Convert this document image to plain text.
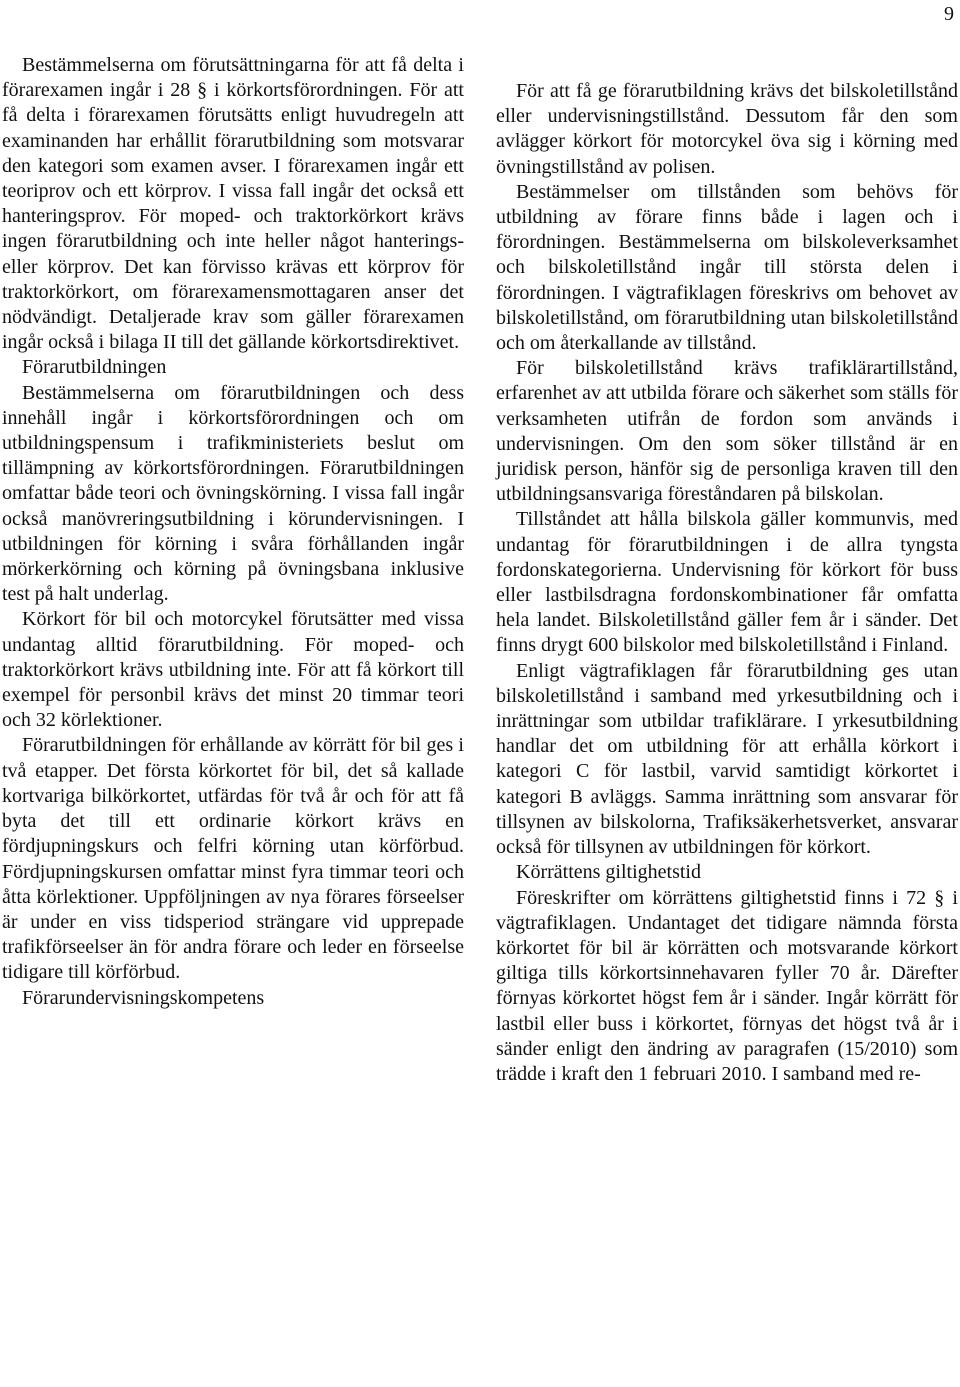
9

Bestämmelserna om förutsättningarna för att få delta i förarexamen ingår i 28 § i körkortsförordningen. För att få delta i förarexamen förutsätts enligt huvudregeln att examinanden har erhållit förarutbildning som motsvarar den kategori som examen avser. I förarexamen ingår ett teoriprov och ett körprov. I vissa fall ingår det också ett hanteringsprov. För moped- och traktorkörkort krävs ingen förarutbildning och inte heller något hanterings- eller körprov. Det kan förvisso krävas ett körprov för traktorkörkort, om förarexamensmottagaren anser det nödvändigt. Detaljerade krav som gäller förarexamen ingår också i bilaga II till det gällande körkortsdirektivet.

Förarutbildningen

Bestämmelserna om förarutbildningen och dess innehåll ingår i körkortsförordningen och om utbildningspensum i trafikministeriets beslut om tillämpning av körkortsförordningen. Förarutbildningen omfattar både teori och övningskörning. I vissa fall ingår också manövreringsutbildning i körundervisningen. I utbildningen för körning i svåra förhållanden ingår mörkerkörning och körning på övningsbana inklusive test på halt underlag.

Körkort för bil och motorcykel förutsätter med vissa undantag alltid förarutbildning. För moped- och traktorkörkort krävs utbildning inte. För att få körkort till exempel för personbil krävs det minst 20 timmar teori och 32 körlektioner.

Förarutbildningen för erhållande av körrätt för bil ges i två etapper. Det första körkortet för bil, det så kallade kortvariga bilkörkortet, utfärdas för två år och för att få byta det till ett ordinarie körkort krävs en fördjupningskurs och felfri körning utan körförbud. Fördjupningskursen omfattar minst fyra timmar teori och åtta körlektioner. Uppföljningen av nya förares förseelser är under en viss tidsperiod strängare vid upprepade trafikförseelser än för andra förare och leder en förseelse tidigare till körförbud.

Förarundervisningskompetens

För att få ge förarutbildning krävs det bilskoletillstånd eller undervisningstillstånd. Dessutom får den som avlägger körkort för motorcykel öva sig i körning med övningstillstånd av polisen.

Bestämmelser om tillstånden som behövs för utbildning av förare finns både i lagen och i förordningen. Bestämmelserna om bilskoleverksamhet och bilskoletillstånd ingår till största delen i förordningen. I vägtrafiklagen föreskrivs om behovet av bilskoletillstånd, om förarutbildning utan bilskoletillstånd och om återkallande av tillstånd.

För bilskoletillstånd krävs trafiklärartillstånd, erfarenhet av att utbilda förare och säkerhet som ställs för verksamheten utifrån de fordon som används i undervisningen. Om den som söker tillstånd är en juridisk person, hänför sig de personliga kraven till den utbildningsansvariga föreståndaren på bilskolan.

Tillståndet att hålla bilskola gäller kommunvis, med undantag för förarutbildningen i de allra tyngsta fordonskategorierna. Undervisning för körkort för buss eller lastbilsdragna fordonskombinationer får omfatta hela landet. Bilskoletillstånd gäller fem år i sänder. Det finns drygt 600 bilskolor med bilskoletillstånd i Finland.

Enligt vägtrafiklagen får förarutbildning ges utan bilskoletillstånd i samband med yrkesutbildning och i inrättningar som utbildar trafiklärare. I yrkesutbildning handlar det om utbildning för att erhålla körkort i kategori C för lastbil, varvid samtidigt körkortet i kategori B avläggs. Samma inrättning som ansvarar för tillsynen av bilskolorna, Trafiksäkerhetsverket, ansvarar också för tillsynen av utbildningen för körkort.

Körrättens giltighetstid

Föreskrifter om körrättens giltighetstid finns i 72 § i vägtrafiklagen. Undantaget det tidigare nämnda första körkortet för bil är körrätten och motsvarande körkort giltiga tills körkortsinnehavaren fyller 70 år. Därefter förnyas körkortet högst fem år i sänder. Ingår körrätt för lastbil eller buss i körkortet, förnyas det högst två år i sänder enligt den ändring av paragrafen (15/2010) som trädde i kraft den 1 februari 2010. I samband med re-
